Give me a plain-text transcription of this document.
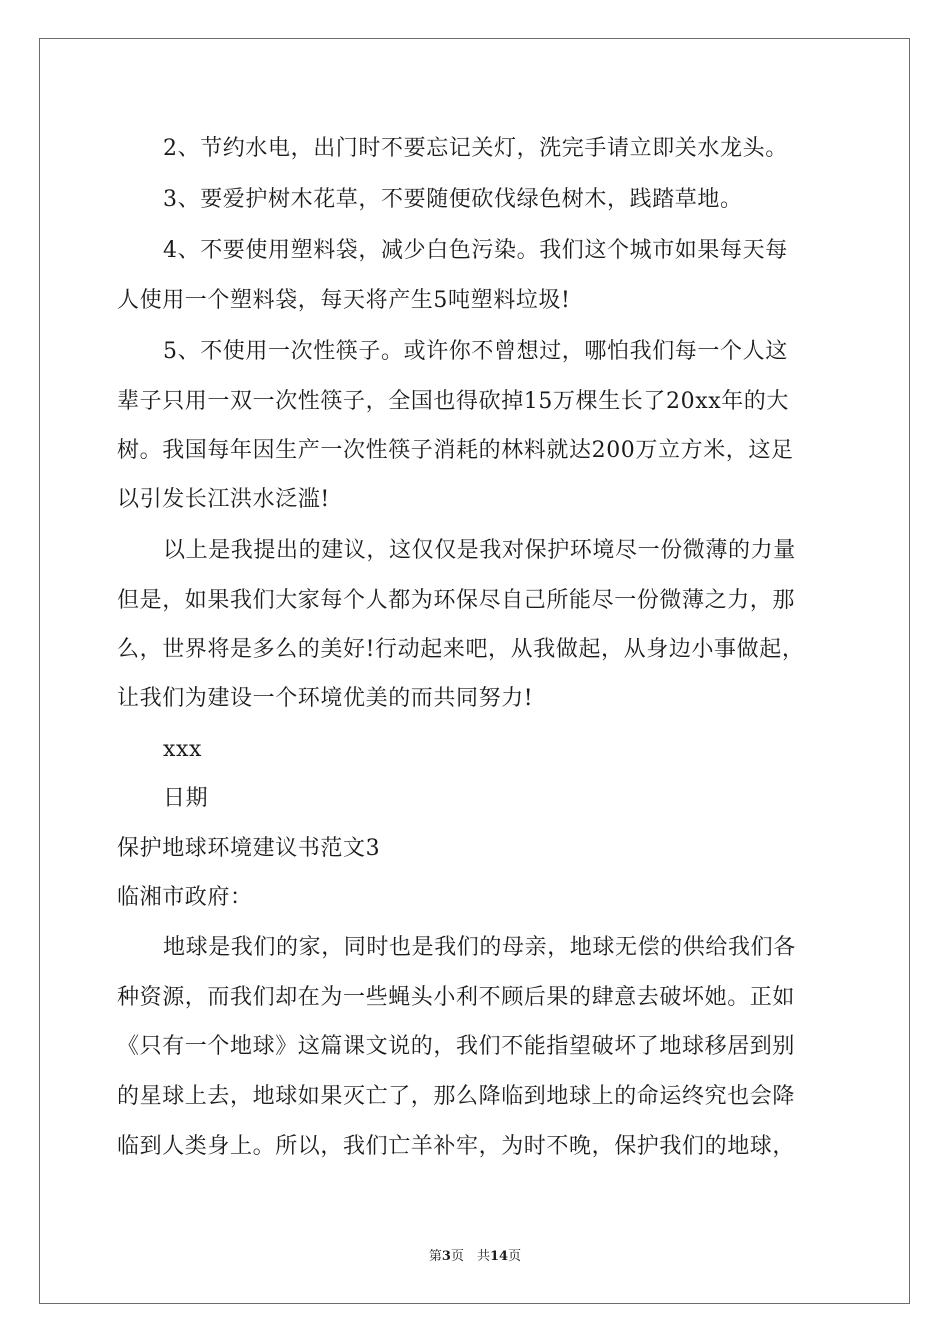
2、节约水电，出门时不要忘记关灯，洗完手请立即关水龙头。
3、要爱护树木花草，不要随便砍伐绿色树木，践踏草地。
4、不要使用塑料袋，减少白色污染。我们这个城市如果每天每
人使用一个塑料袋，每天将产生5吨塑料垃圾!
5、不使用一次性筷子。或许你不曾想过，哪怕我们每一个人这
辈子只用一双一次性筷子，全国也得砍掉15万棵生长了20xx年的大
树。我国每年因生产一次性筷子消耗的林料就达200万立方米，这足
以引发长江洪水泛滥!
以上是我提出的建议，这仅仅是我对保护环境尽一份微薄的力量
但是，如果我们大家每个人都为环保尽自己所能尽一份微薄之力，那
么，世界将是多么的美好!行动起来吧，从我做起，从身边小事做起，
让我们为建设一个环境优美的而共同努力!
xxx
日期
保护地球环境建议书范文3
临湘市政府：
地球是我们的家，同时也是我们的母亲，地球无偿的供给我们各
种资源，而我们却在为一些蝇头小利不顾后果的肆意去破坏她。正如
《只有一个地球》这篇课文说的，我们不能指望破坏了地球移居到别
的星球上去，地球如果灭亡了，那么降临到地球上的命运终究也会降
临到人类身上。所以，我们亡羊补牢，为时不晚，保护我们的地球，
第3页　共14页
